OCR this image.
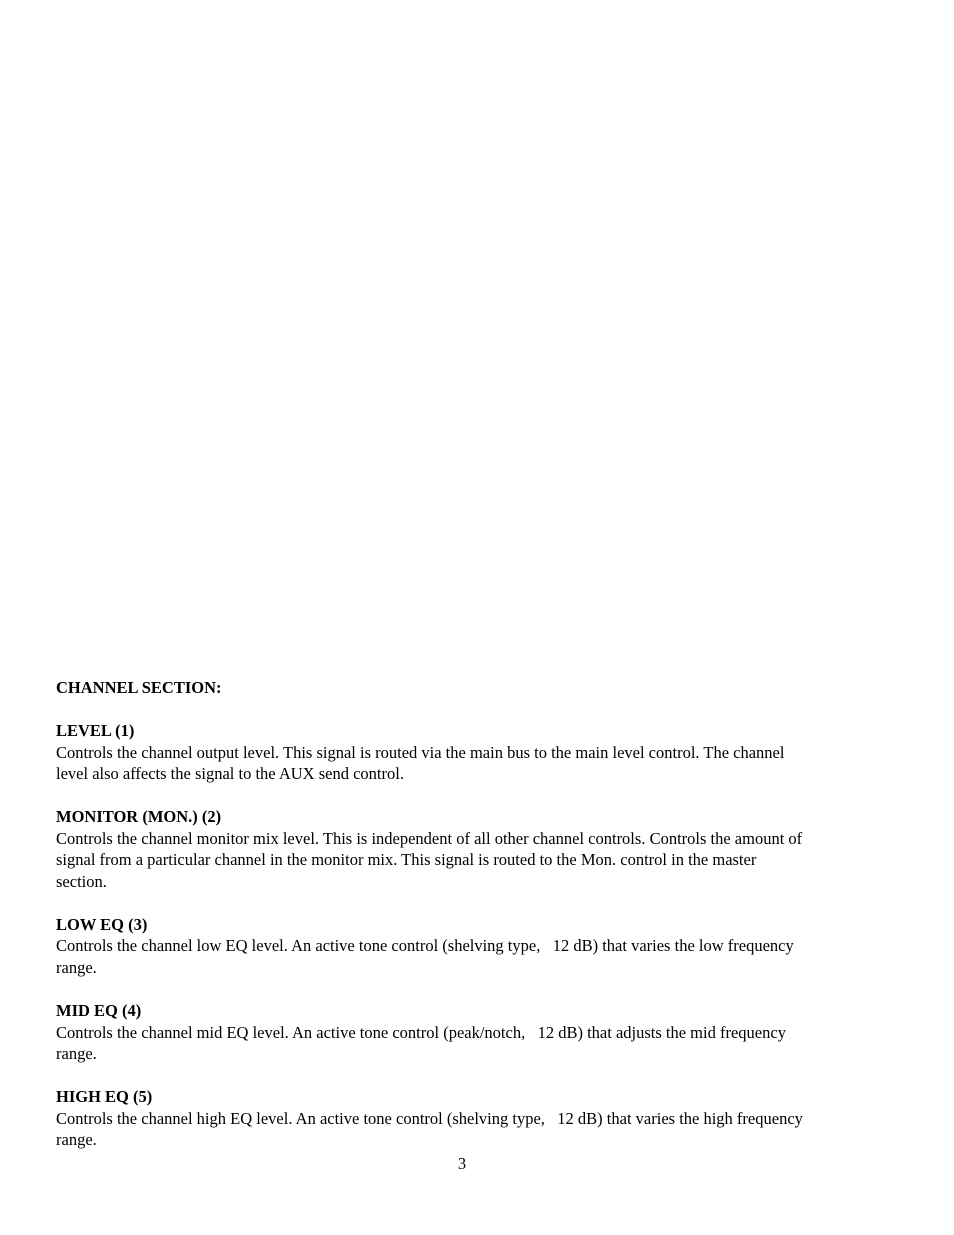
CHANNEL SECTION:
LEVEL (1)
Controls the channel output level. This signal is routed via the main bus to the main level control. The channel
level also affects the signal to the AUX send control.
MONITOR (MON.) (2)
Controls the channel monitor mix level. This is independent of all other channel controls. Controls the amount of
signal from a particular channel in the monitor mix. This signal is routed to the Mon. control in the master
section.
LOW EQ (3)
Controls the channel low EQ level. An active tone control (shelving type,   12 dB) that varies the low frequency
range.
MID EQ (4)
Controls the channel mid EQ level. An active tone control (peak/notch,   12 dB) that adjusts the mid frequency
range.
HIGH EQ (5)
Controls the channel high EQ level. An active tone control (shelving type,   12 dB) that varies the high frequency
range.
3
